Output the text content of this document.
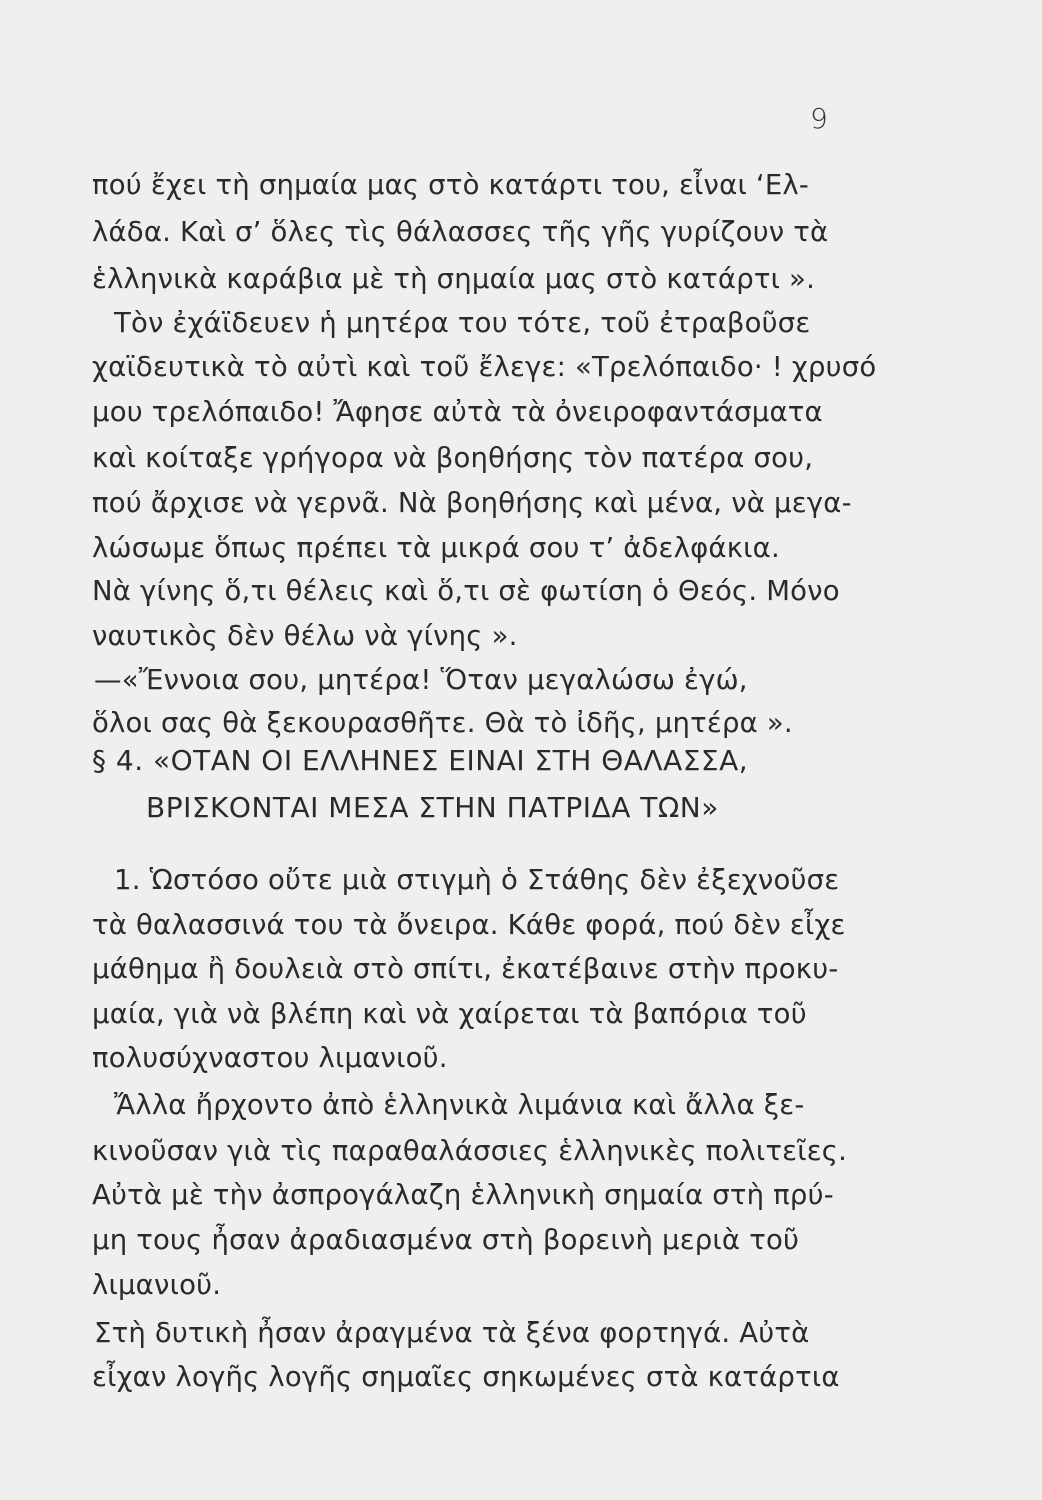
9
πού ἔχει τὴ σημαία μας στὸ κατάρτι του, εἶναι ‘Ελ-
λάδα. Καὶ σ’ ὅλες τὶς θάλασσες τῆς γῆς γυρίζουν τὰ
ἑλληνικὰ καράβια μὲ τὴ σημαία μας στὸ κατάρτι ».
Τὸν ἐχάϊδευεν ἡ μητέρα του τότε, τοῦ ἐτραβοῦσε
χαϊδευτικὰ τὸ αὐτὶ καὶ τοῦ ἔλεγε: «Τρελόπαιδο· ! χρυσό
μου τρελόπαιδο! Ἄφησε αὐτὰ τὰ ὀνειροφαντάσματα
καὶ κοίταξε γρήγορα νὰ βοηθήσης τὸν πατέρα σου,
πού ἄρχισε νὰ γερνᾶ. Νὰ βοηθήσης καὶ μένα, νὰ μεγα-
λώσωμε ὅπως πρέπει τὰ μικρά σου τ’ ἀδελφάκια.
Νὰ γίνης ὅ,τι θέλεις καὶ ὅ,τι σὲ φωτίση ὁ Θεός. Μόνο
ναυτικὸς δὲν θέλω νὰ γίνης ».
—«Ἔννοια σου, μητέρα! Ὅταν μεγαλώσω ἐγώ,
ὅλοι σας θὰ ξεκουρασθῆτε. Θὰ τὸ ἰδῆς, μητέρα ».
§ 4. «ΟΤΑΝ ΟΙ ΕΛΛΗΝΕΣ ΕΙΝΑΙ ΣΤΗ ΘΑΛΑΣΣΑ,
ΒΡΙΣΚΟΝΤΑΙ ΜΕΣΑ ΣΤΗΝ ΠΑΤΡΙΔΑ ΤΩΝ»
1. Ὡστόσο οὔτε μιὰ στιγμὴ ὁ Στάθης δὲν ἐξεχνοῦσε
τὰ θαλασσινά του τὰ ὄνειρα. Κάθε φορά, πού δὲν εἶχε
μάθημα ἢ δουλειὰ στὸ σπίτι, ἐκατέβαινε στὴν προκυ-
μαία, γιὰ νὰ βλέπη καὶ νὰ χαίρεται τὰ βαπόρια τοῦ
πολυσύχναστου λιμανιοῦ.
Ἄλλα ἤρχοντο ἀπὸ ἑλληνικὰ λιμάνια καὶ ἄλλα ξε-
κινοῦσαν γιὰ τὶς παραθαλάσσιες ἑλληνικὲς πολιτεῖες.
Αὐτὰ μὲ τὴν ἀσπρογάλαζη ἑλληνικὴ σημαία στὴ πρύ-
μη τους ἦσαν ἀραδιασμένα στὴ βορεινὴ μεριὰ τοῦ
λιμανιοῦ.
Στὴ δυτικὴ ἦσαν ἀραγμένα τὰ ξένα φορτηγά. Αὐτὰ
εἶχαν λογῆς λογῆς σημαῖες σηκωμένες στὰ κατάρτια
